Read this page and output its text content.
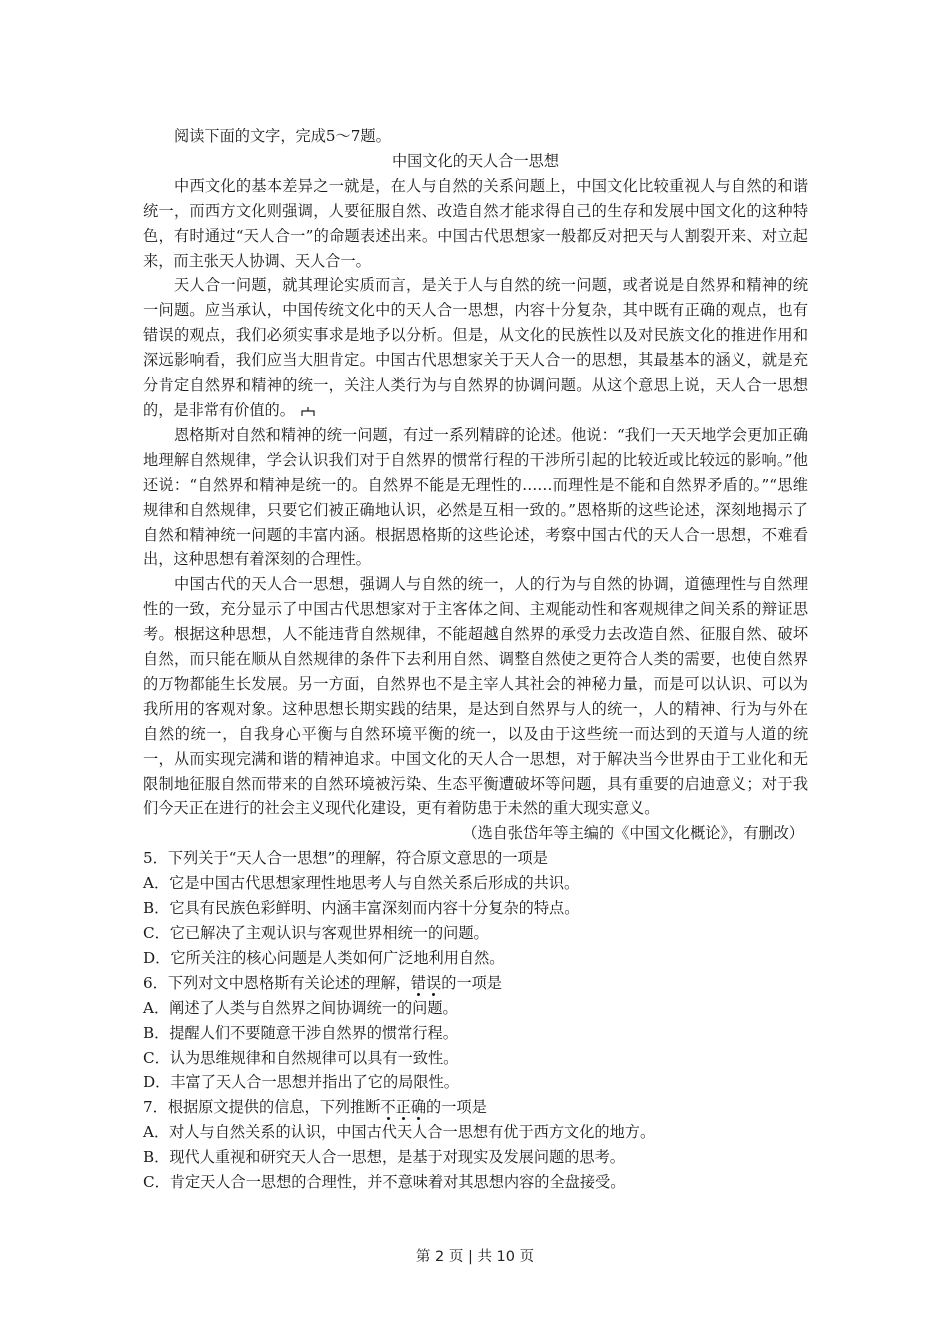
阅读下面的文字，完成5～7题。
中国文化的天人合一思想

中西文化的基本差异之一就是，在人与自然的关系问题上，中国文化比较重视人与自然的和谐统一，而西方文化则强调，人要征服自然、改造自然才能求得自己的生存和发展中国文化的这种特色，有时通过“天人合一”的命题表述出来。中国古代思想家一般都反对把天与人割裂开来、对立起来，而主张天人协调、天人合一。

天人合一问题，就其理论实质而言，是关于人与自然的统一问题，或者说是自然界和精神的统一问题。应当承认，中国传统文化中的天人合一思想，内容十分复杂，其中既有正确的观点，也有错误的观点，我们必须实事求是地予以分析。但是，从文化的民族性以及对民族文化的推进作用和深远影响看，我们应当大胆肯定。中国古代思想家关于天人合一的思想，其最基本的涵义，就是充分肯定自然界和精神的统一，关注人类行为与自然界的协调问题。从这个意思上说，天人合一思想的，是非常有价值的。

恩格斯对自然和精神的统一问题，有过一系列精辟的论述。他说：“我们一天天地学会更加正确地理解自然规律，学会认识我们对于自然界的惯常行程的干涉所引起的比较近或比较远的影响。”他还说：“自然界和精神是统一的。自然界不能是无理性的……而理性是不能和自然界矛盾的。”“思维规律和自然规律，只要它们被正确地认识，必然是互相一致的。”恩格斯的这些论述，深刻地揭示了自然和精神统一问题的丰富内涵。根据恩格斯的这些论述，考察中国古代的天人合一思想，不难看出，这种思想有着深刻的合理性。

中国古代的天人合一思想，强调人与自然的统一，人的行为与自然的协调，道德理性与自然理性的一致，充分显示了中国古代思想家对于主客体之间、主观能动性和客观规律之间关系的辩证思考。根据这种思想，人不能违背自然规律，不能超越自然界的承受力去改造自然、征服自然、破坏自然，而只能在顺从自然规律的条件下去利用自然、调整自然使之更符合人类的需要，也使自然界的万物都能生长发展。另一方面，自然界也不是主宰人其社会的神秘力量，而是可以认识、可以为我所用的客观对象。这种思想长期实践的结果，是达到自然界与人的统一，人的精神、行为与外在自然的统一，自我身心平衡与自然环境平衡的统一，以及由于这些统一而达到的天道与人道的统一，从而实现完满和谐的精神追求。中国文化的天人合一思想，对于解决当今世界由于工业化和无限制地征服自然而带来的自然环境被污染、生态平衡遭破坏等问题，具有重要的启迪意义；对于我们今天正在进行的社会主义现代化建设，更有着防患于未然的重大现实意义。

（选自张岱年等主编的《中国文化概论》，有删改）
5．下列关于“天人合一思想”的理解，符合原文意思的一项是
A．它是中国古代思想家理性地思考人与自然关系后形成的共识。
B．它具有民族色彩鲜明、内涵丰富深刻而内容十分复杂的特点。
C．它已解决了主观认识与客观世界相统一的问题。
D．它所关注的核心问题是人类如何广泛地利用自然。
6．下列对文中恩格斯有关论述的理解，错误的一项是
A．阐述了人类与自然界之间协调统一的问题。
B．提醒人们不要随意干涉自然界的惯常行程。
C．认为思维规律和自然规律可以具有一致性。
D．丰富了天人合一思想并指出了它的局限性。
7．根据原文提供的信息，下列推断不正确的一项是
A．对人与自然关系的认识，中国古代天人合一思想有优于西方文化的地方。
B．现代人重视和研究天人合一思想，是基于对现实及发展问题的思考。
C．肯定天人合一思想的合理性，并不意味着对其思想内容的全盘接受。
第 2 页 | 共 10 页
